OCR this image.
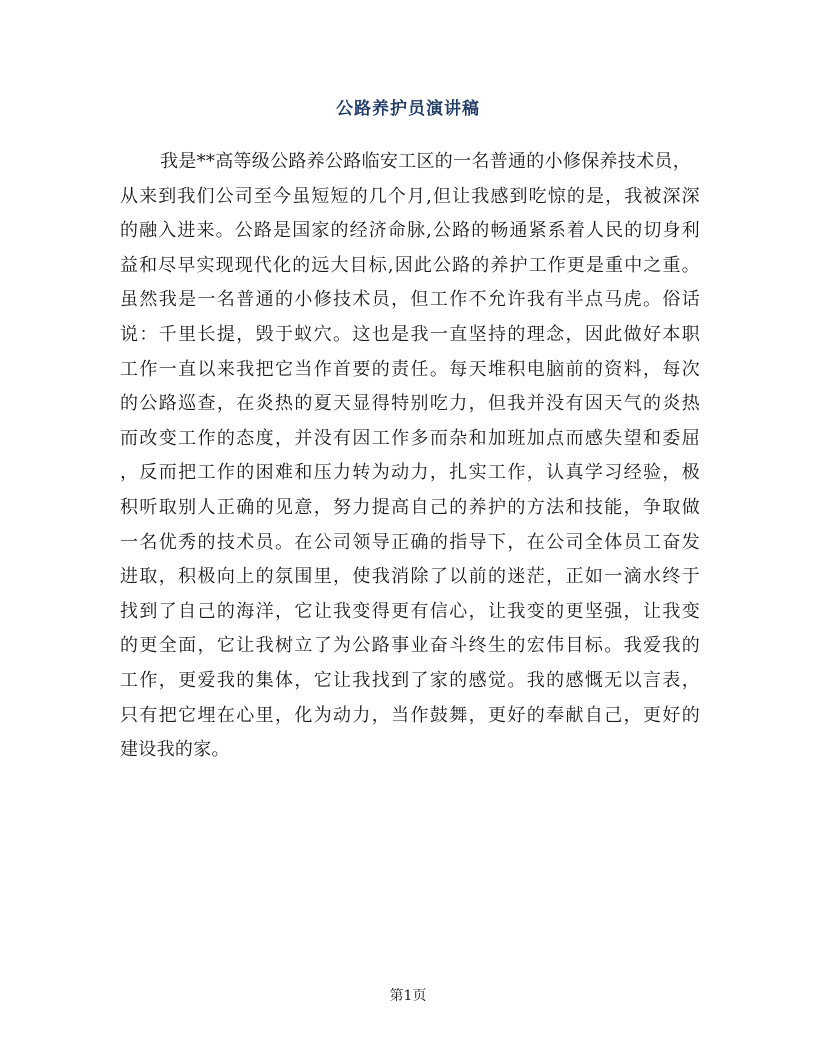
公路养护员演讲稿
我是**高等级公路养公路临安工区的一名普通的小修保养技术员，
从来到我们公司至今虽短短的几个月,但让我感到吃惊的是，我被深深
的融入进来。公路是国家的经济命脉,公路的畅通紧系着人民的切身利
益和尽早实现现代化的远大目标,因此公路的养护工作更是重中之重。
虽然我是一名普通的小修技术员，但工作不允许我有半点马虎。俗话
说：千里长提，毁于蚁穴。这也是我一直坚持的理念，因此做好本职
工作一直以来我把它当作首要的责任。每天堆积电脑前的资料，每次
的公路巡查，在炎热的夏天显得特别吃力，但我并没有因天气的炎热
而改变工作的态度，并没有因工作多而杂和加班加点而感失望和委屈
，反而把工作的困难和压力转为动力，扎实工作，认真学习经验，极
积听取别人正确的见意，努力提高自己的养护的方法和技能，争取做
一名优秀的技术员。在公司领导正确的指导下，在公司全体员工奋发
进取，积极向上的氛围里，使我消除了以前的迷茫，正如一滴水终于
找到了自己的海洋，它让我变得更有信心，让我变的更坚强，让我变
的更全面，它让我树立了为公路事业奋斗终生的宏伟目标。我爱我的
工作，更爱我的集体，它让我找到了家的感觉。我的感慨无以言表，
只有把它埋在心里，化为动力，当作鼓舞，更好的奉献自己，更好的
建设我的家。
第1页
